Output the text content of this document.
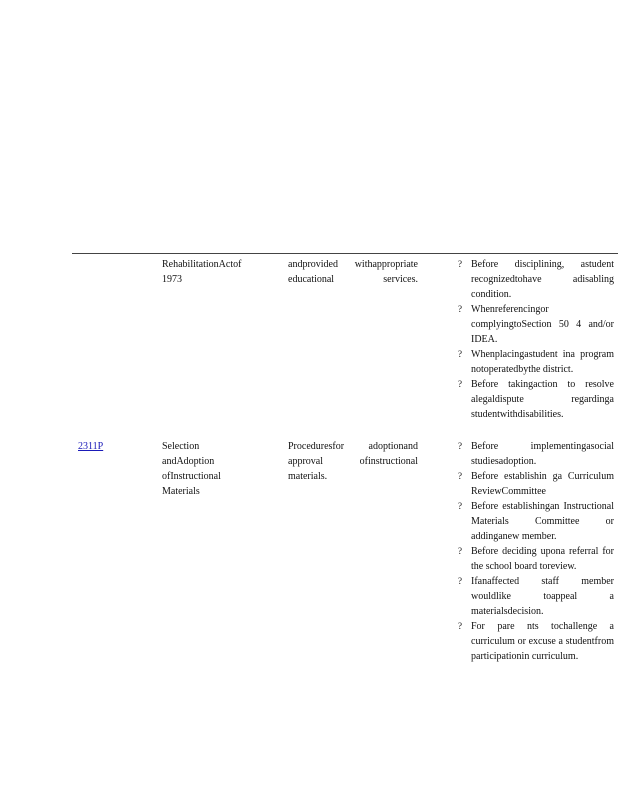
RehabilitationActof 1973
andprovided withappropriate educational services.
? Before disciplining, astudent recognizedtohave adisabling condition.
? Whenreferencingor complyingtoSection 50 4 and/or IDEA.
? Whenplacingastudent ina program notoperatedbythe district.
? Before takingaction to resolve alegaldispute regardinga studentwithdisabilities.
2311P	Selection andAdoption ofInstructional Materials
Proceduresfor adoptionand approval ofinstructional materials.
? Before implementingasocial studiesadoption.
? Before establishin ga Curriculum ReviewCommittee
? Before establishingan Instructional Materials Committee or addinganew member.
? Before deciding upona referral for the school board toreview.
? Ifanaffected staff member wouldlike toappeal a materialsdecision.
? For pare nts tochallenge a curriculum or excuse a studentfrom participationin curriculum.
